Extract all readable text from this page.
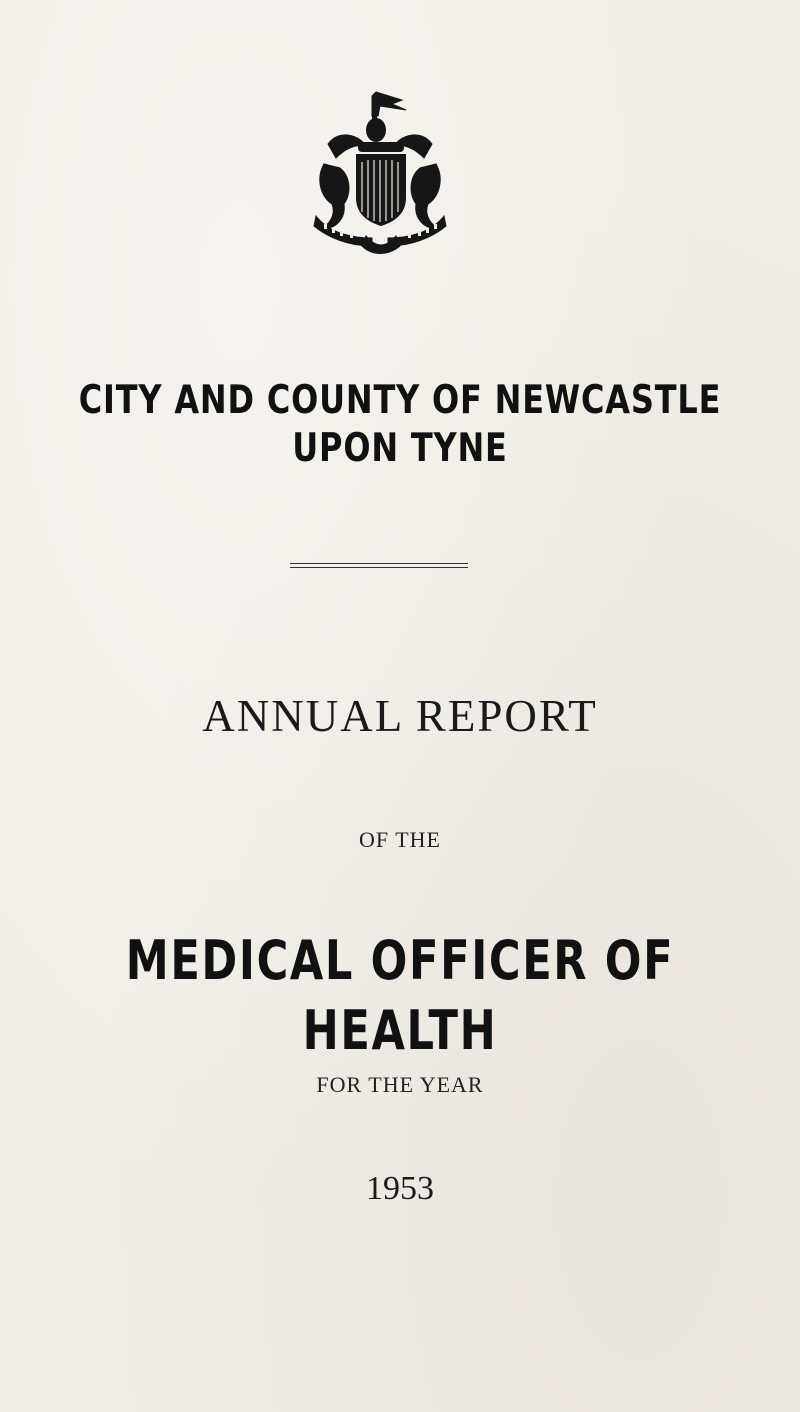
CITY AND COUNTY OF NEWCASTLE UPON TYNE
ANNUAL REPORT
OF THE
MEDICAL OFFICER OF HEALTH
FOR THE YEAR
1953
